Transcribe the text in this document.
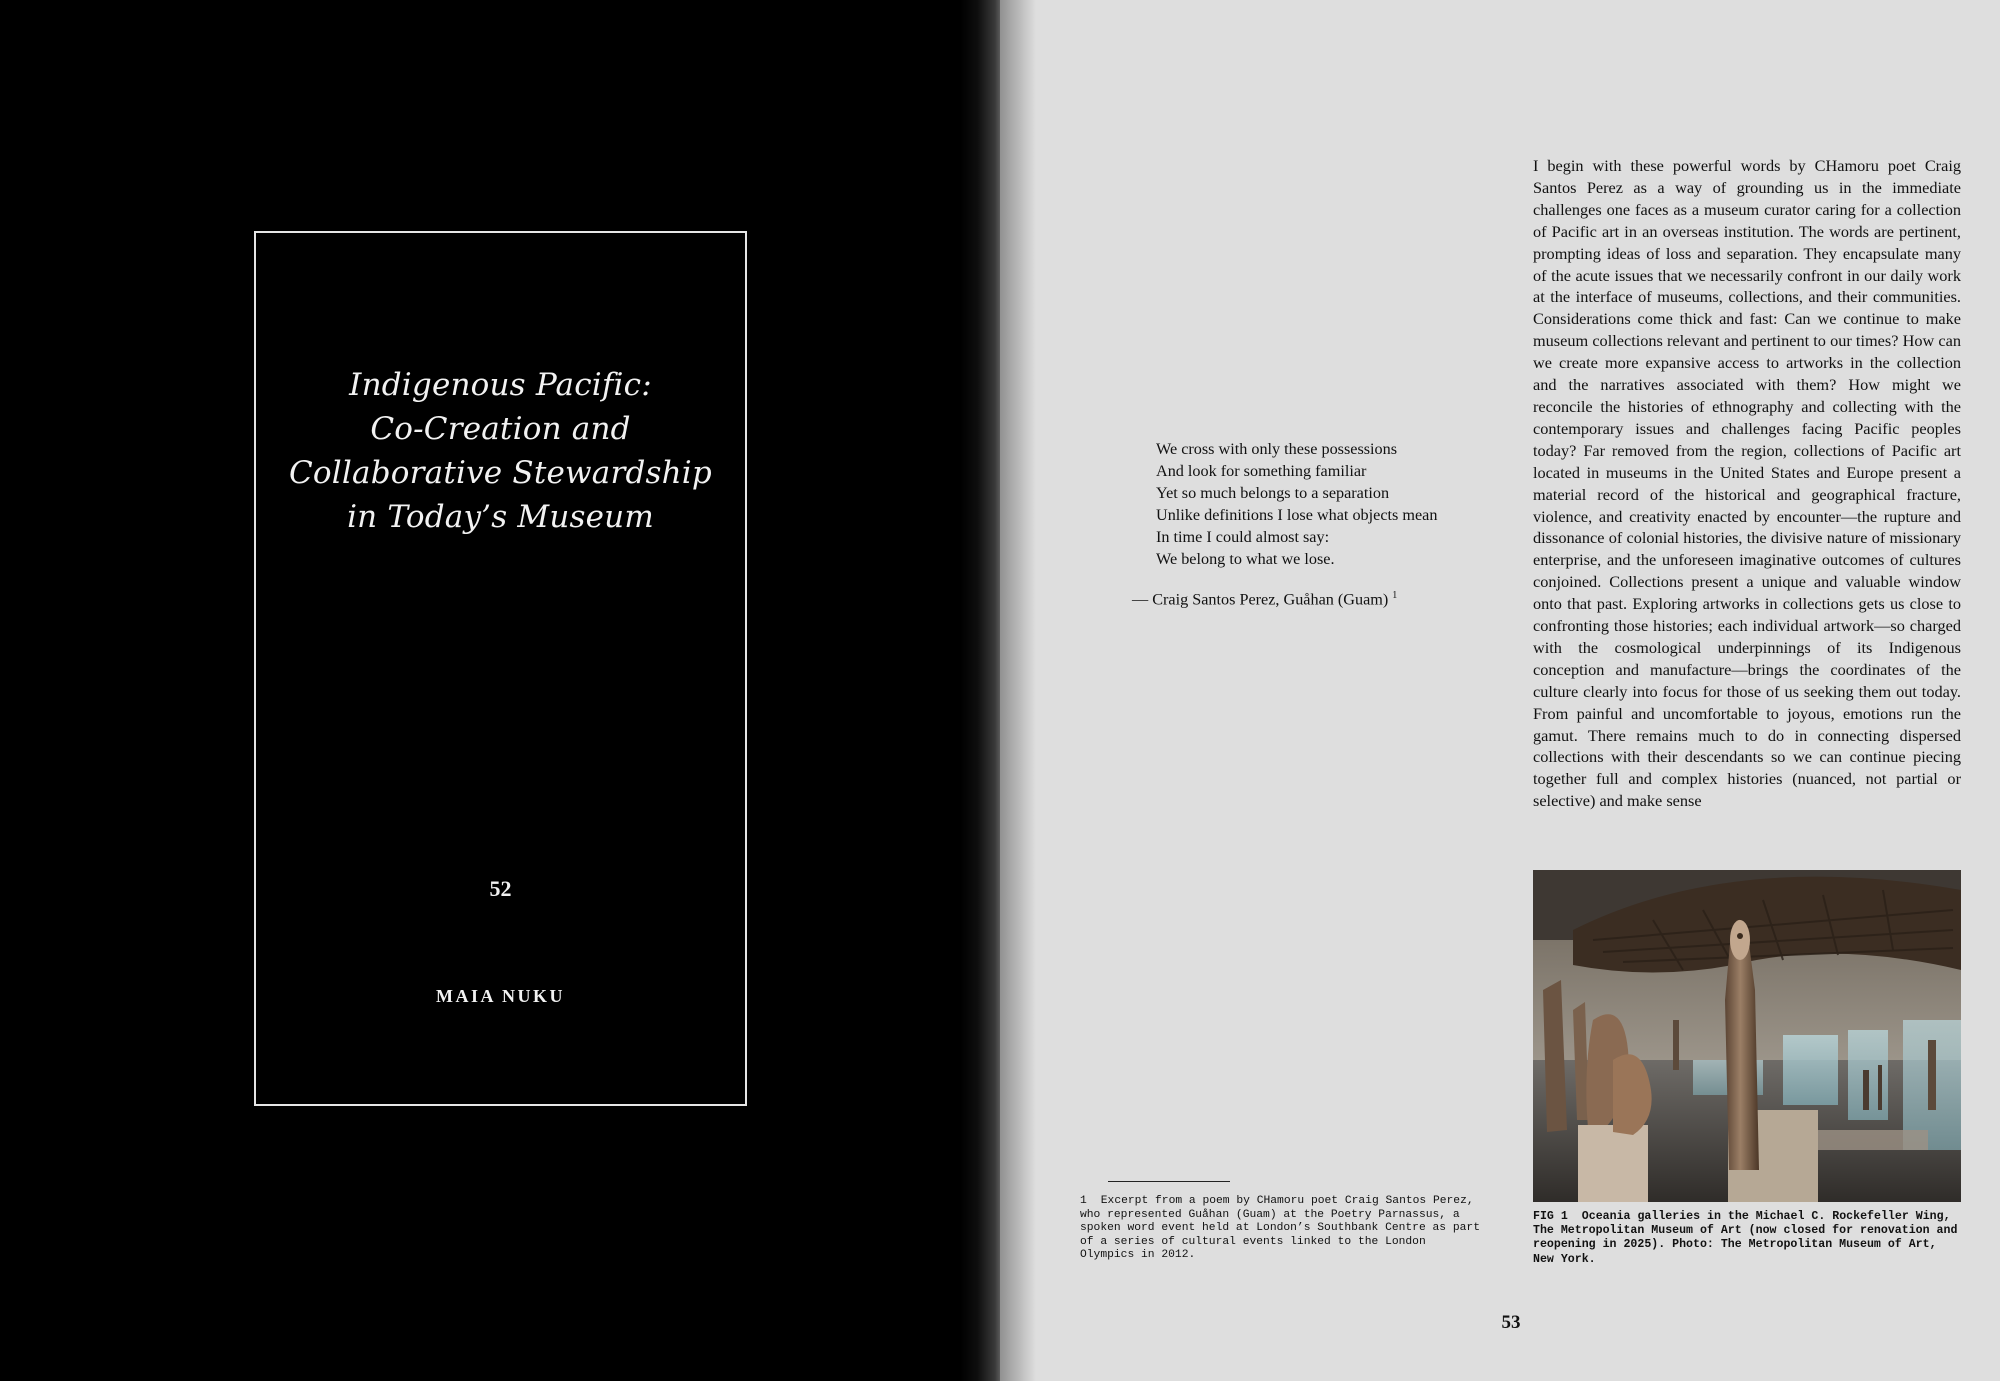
Indigenous Pacific:
Co-Creation and
Collaborative Stewardship
in Today’s Museum
52
MAIA NUKU
We cross with only these possessions
And look for something familiar
Yet so much belongs to a separation
Unlike definitions I lose what objects mean
In time I could almost say:
We belong to what we lose.
— Craig Santos Perez, Guåhan (Guam) $^1$

I begin with these powerful words by CHamoru poet Craig Santos Perez as a way of grounding us in the immediate challenges one faces as a museum curator caring for a collection of Pacific art in an overseas institution. The words are pertinent, prompting ideas of loss and separation. They encapsulate many of the acute issues that we necessarily confront in our daily work at the interface of museums, collections, and their communities. Considerations come thick and fast: Can we continue to make museum collections relevant and pertinent to our times? How can we create more expansive access to artworks in the collection and the narratives associated with them? How might we reconcile the histories of ethnography and collecting with the contemporary issues and challenges facing Pacific peoples today? Far removed from the region, collections of Pacific art located in museums in the United States and Europe present a material record of the historical and geographical fracture, violence, and creativity enacted by encounter—the rupture and dissonance of colonial histories, the divisive nature of missionary enterprise, and the unforeseen imaginative outcomes of cultures conjoined. Collections present a unique and valuable window onto that past. Exploring artworks in collections gets us close to confronting those histories; each individual artwork—so charged with the cosmological underpinnings of its Indigenous conception and manufacture—brings the coordinates of the culture clearly into focus for those of us seeking them out today. From painful and uncomfortable to joyous, emotions run the gamut. There remains much to do in connecting dispersed collections with their descendants so we can continue piecing together full and complex histories (nuanced, not partial or selective) and make sense

FIG 1 Oceania galleries in the Michael C. Rockefeller Wing, The Metropolitan Museum of Art (now closed for renovation and reopening in 2025). Photo: The Metropolitan Museum of Art, New York.
1 Excerpt from a poem by CHamoru poet Craig Santos Perez, who represented Guåhan (Guam) at the Poetry Parnassus, a spoken word event held at London’s Southbank Centre as part of a series of cultural events linked to the London Olympics in 2012.
53
